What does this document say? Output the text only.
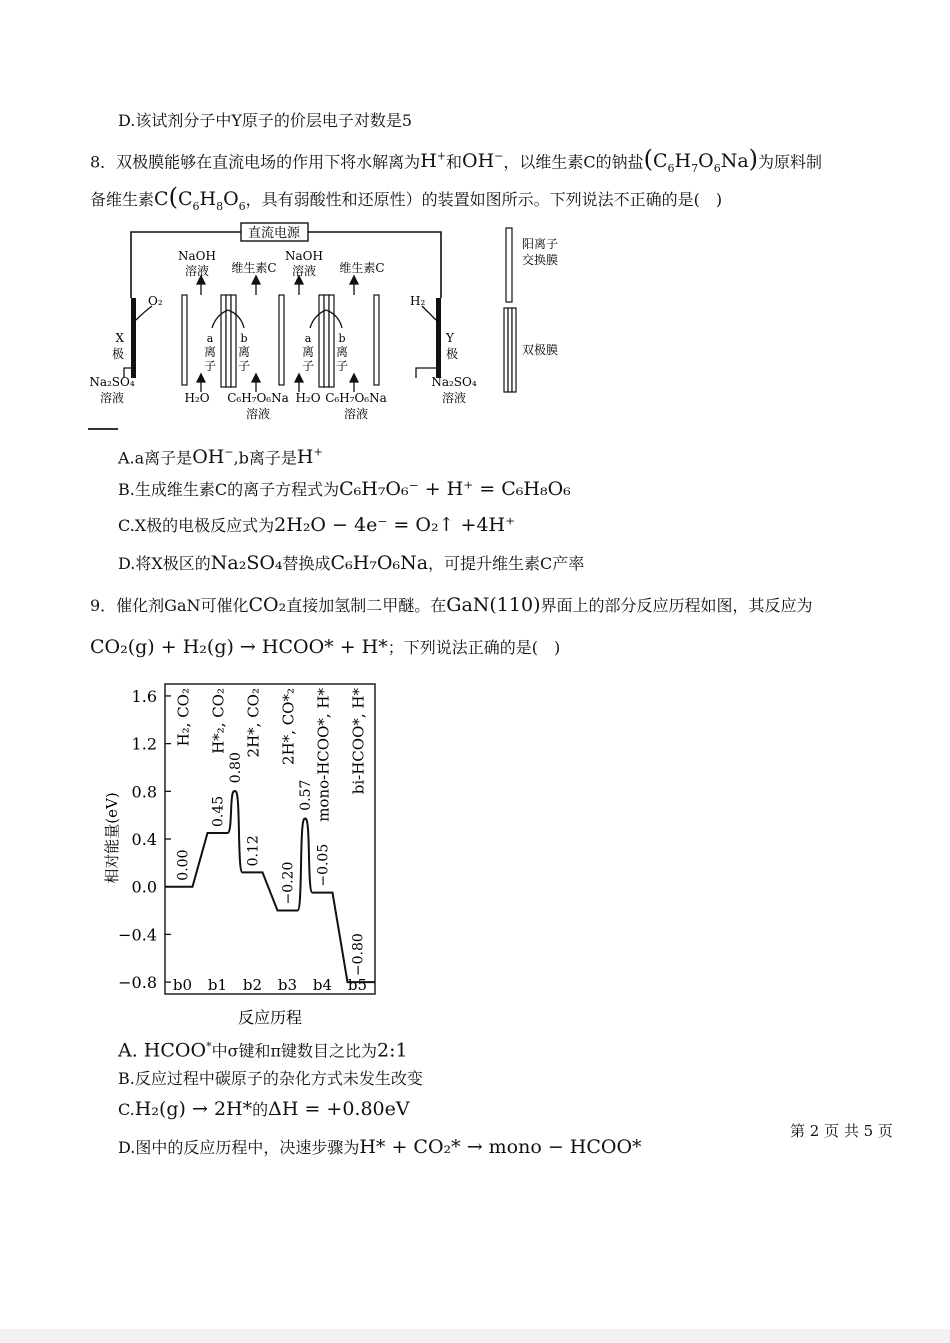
D.该试剂分子中Y原子的价层电子对数是5
8．双极膜能够在直流电场的作用下将水解离为H+和OH−，以维生素C的钠盐$(C_6H_7O_6Na)$为原料制
备维生素$C(C_6H_8O_6$，具有弱酸性和还原性）的装置如图所示。下列说法不正确的是(　)
直流电源
NaOH
溶液 维生素C
NaOH
溶液 维生素C
O₂	H₂
X
极
Y
极
a
离
子
b
离
子
a
离
子
b
离
子
Na₂SO₄
溶液	H₂O C₆H₇O₆Na
溶液
H₂O C₆H₇O₆Na
溶液
Na₂SO₄
溶液
阳离子
交换膜
双极膜
A.a离子是OH−,b离子是H+
B.生成维生素C的离子方程式为C₆H₇O₆⁻ + H⁺ = C₆H₈O₆
C.X极的电极反应式为2H₂O − 4e⁻ = O₂↑ +4H⁺
D.将X极区的Na₂SO₄替换成C₆H₇O₆Na，可提升维生素C产率
9．催化剂GaN可催化CO₂直接加氢制二甲醚。在GaN(110)界面上的部分反应历程如图，其反应为
CO₂(g) + H₂(g) → HCOO* + H*；下列说法正确的是(　)
1.6
1.2
0.8
0.4
0.0
−0.4
−0.8 b0 b1 b2 b3 b4 b5
H₂, CO₂ H*₂, CO₂ 2H*, CO₂ 2H*, CO*₂ mono-HCOO*, H* bi-HCOO*, H*
0.00
0.45
0.12
−0.20 −0.05
−0.80
0.80
0.57
相对能量(eV)
反应历程
A. HCOO*中σ键和π键数目之比为2:1
B.反应过程中碳原子的杂化方式未发生改变
C.H₂(g) → 2H*的ΔH = +0.80eV
D.图中的反应历程中，决速步骤为H* + CO₂* → mono − HCOO*
第 2 页 共 5 页
